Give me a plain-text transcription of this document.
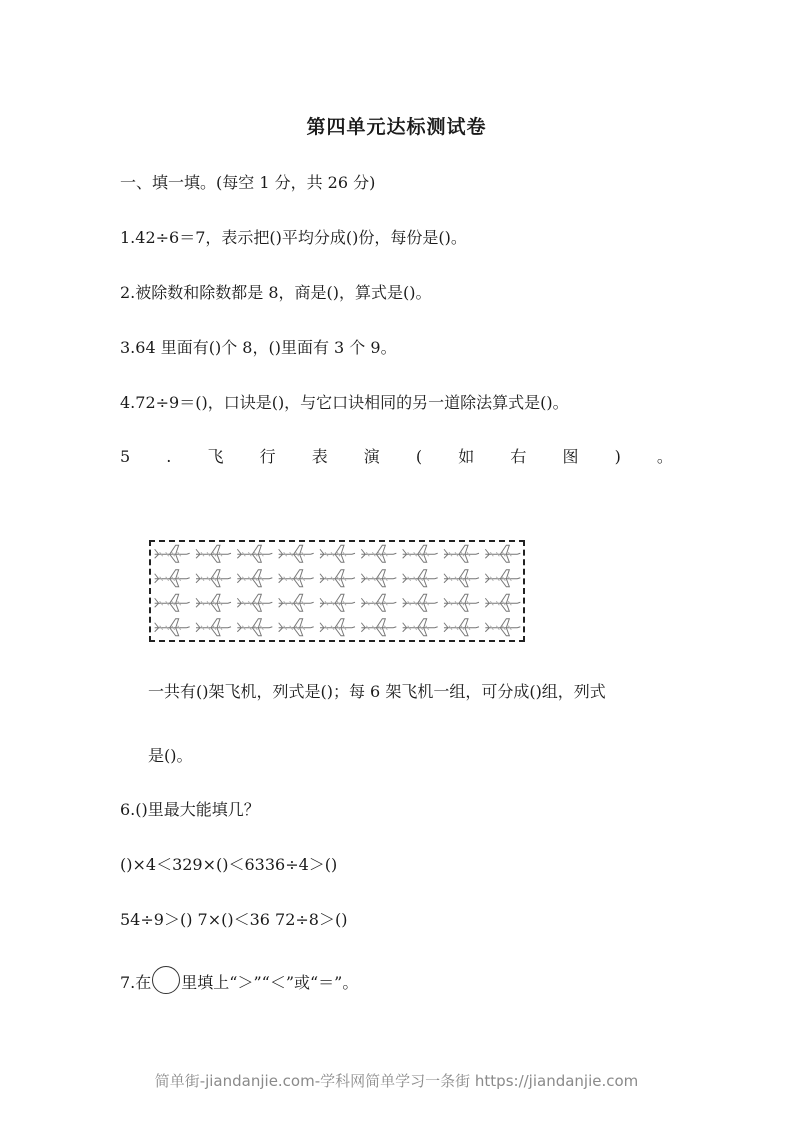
第四单元达标测试卷
一、填一填。(每空 1 分，共 26 分)
1.42÷6＝7，表示把()平均分成()份，每份是()。
2.被除数和除数都是 8，商是()，算式是()。
3.64 里面有()个 8，()里面有 3 个 9。
4.72÷9＝()，口诀是()，与它口诀相同的另一道除法算式是()。
5 . 飞 行 表 演 ( 如 右 图 ) 。
一共有()架飞机，列式是()；每 6 架飞机一组，可分成()组，列式
是()。
6.()里最大能填几？
()×4＜329×()＜6336÷4＞()
54÷9＞() 7×()＜36 72÷8＞()
7.在 里填上“＞”“＜”或“＝”。
简单街-jiandanjie.com-学科网简单学习一条街 https://jiandanjie.com
